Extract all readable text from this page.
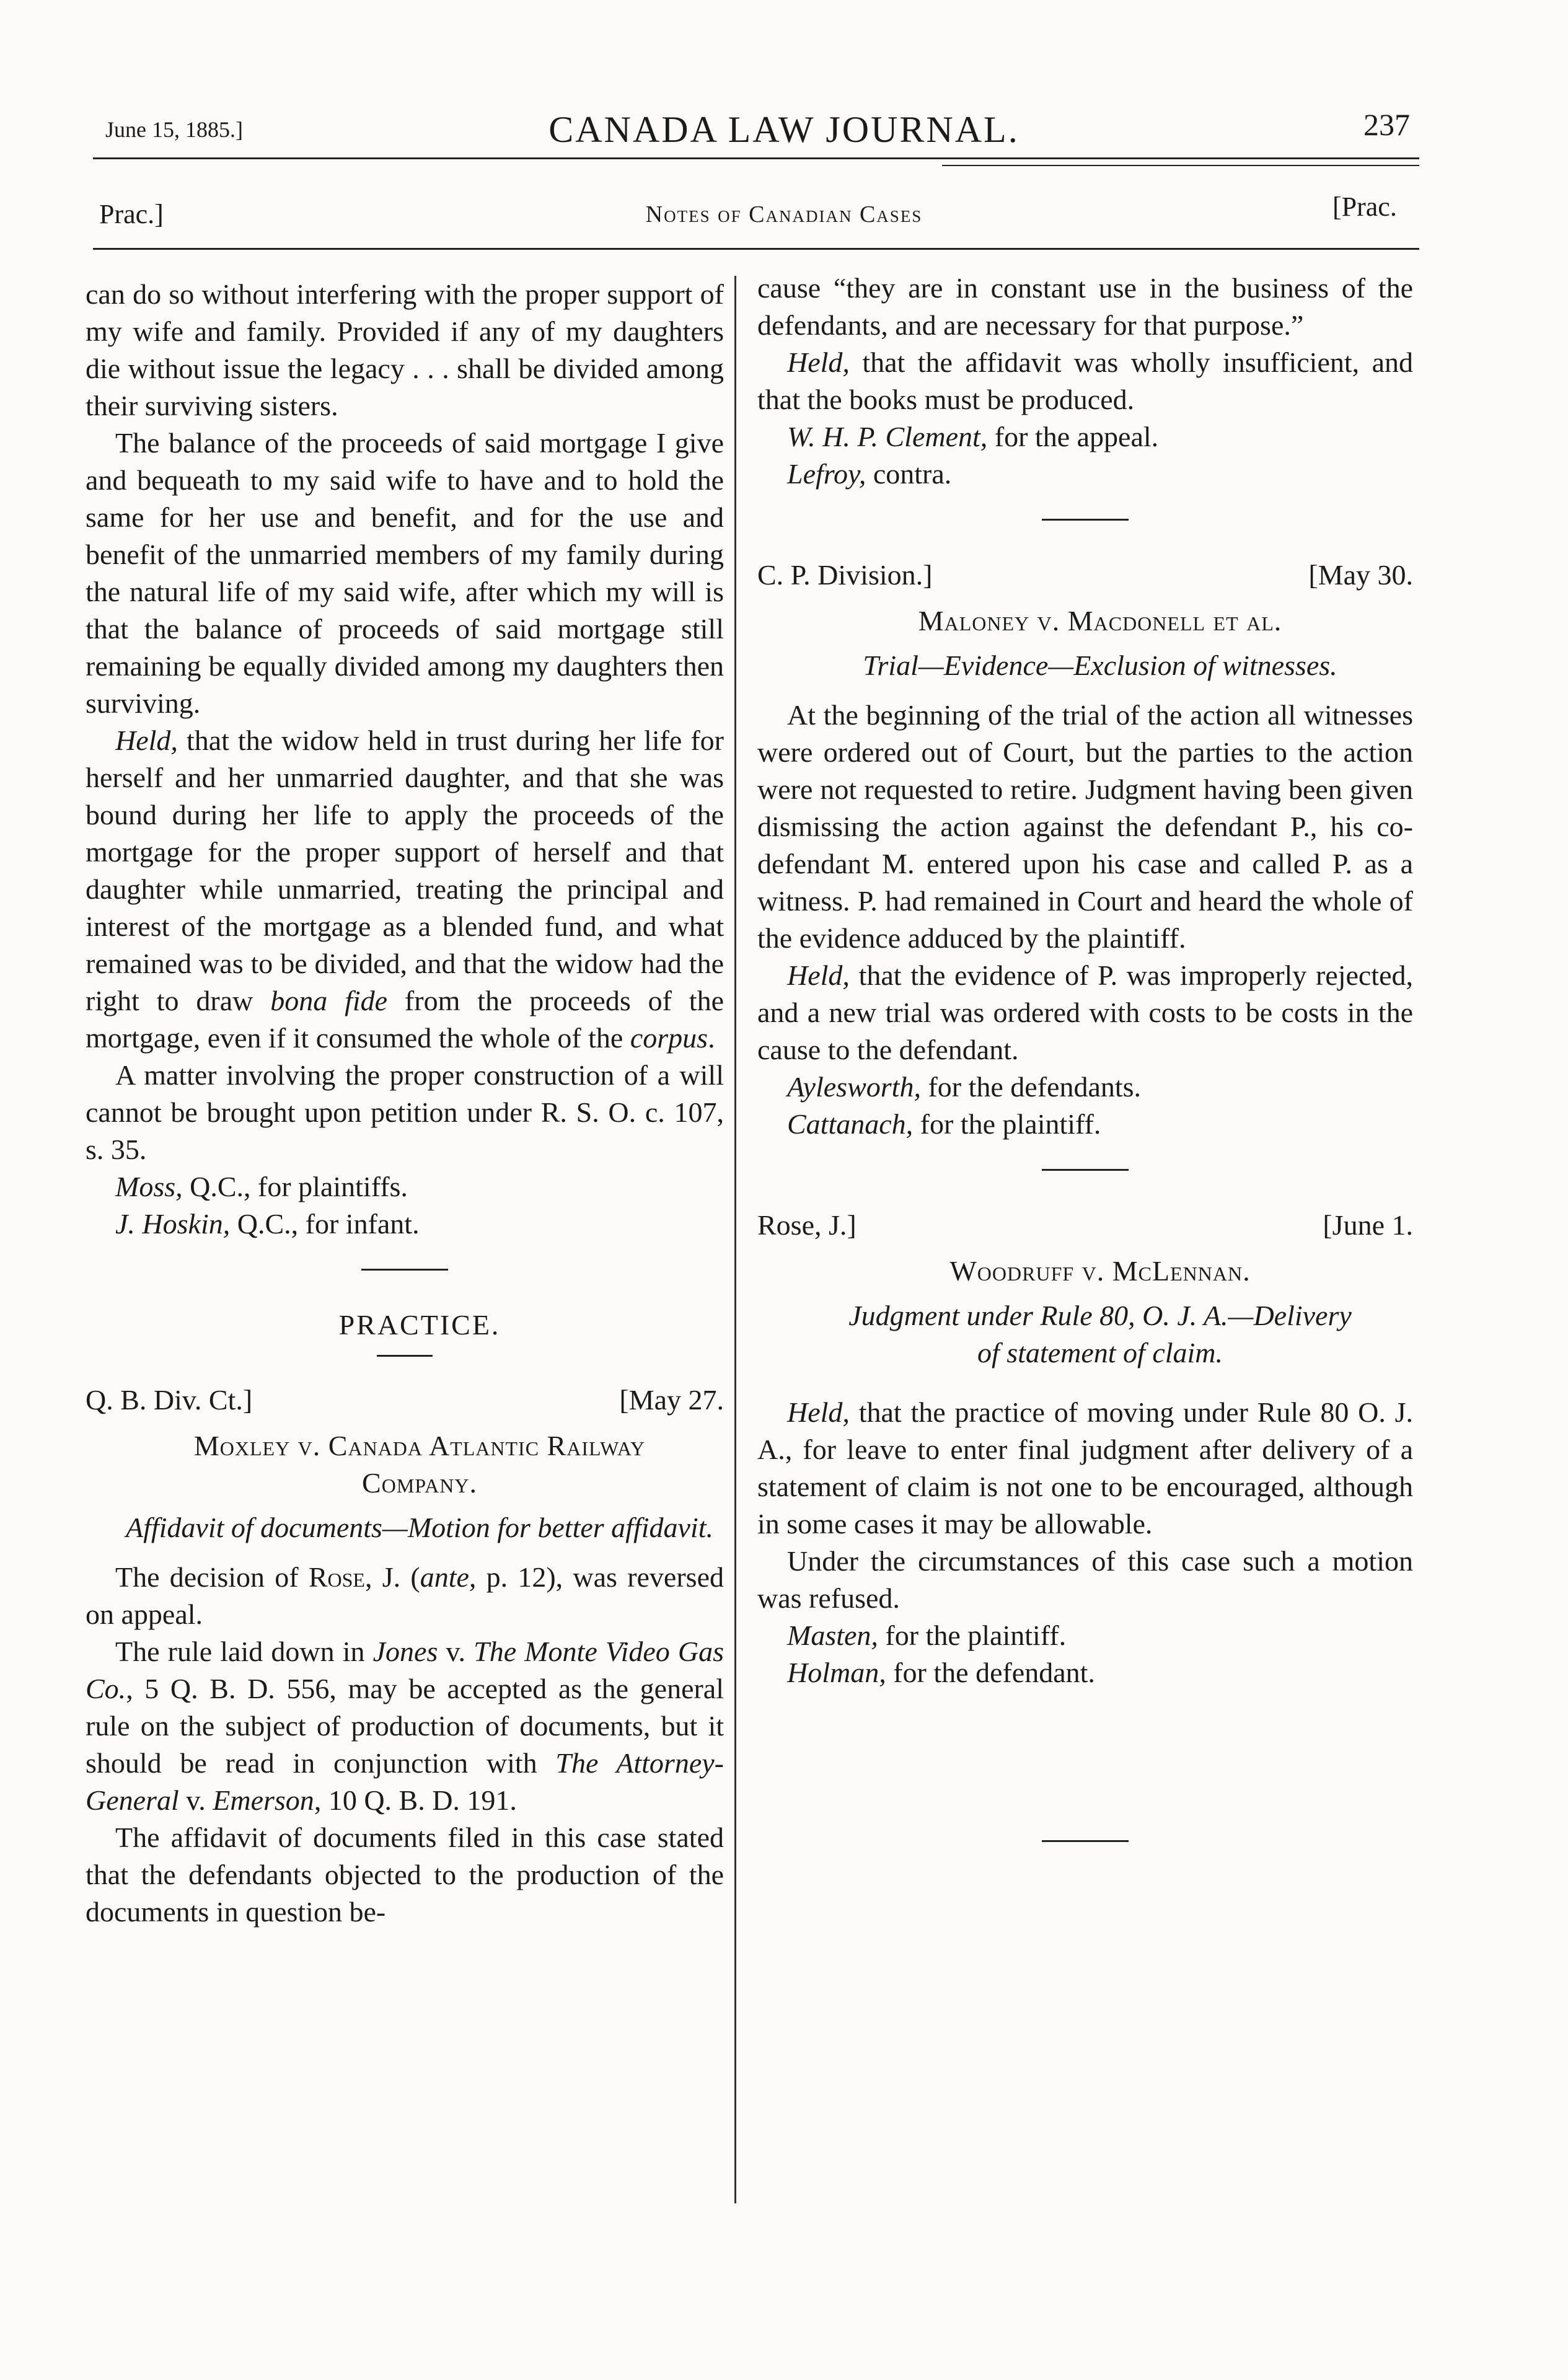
June 15, 1885.]	CANADA LAW JOURNAL.	237
Prac.]	Notes of Canadian Cases	[Prac.

can do so without interfering with the proper support of my wife and family. Provided if any of my daughters die without issue the legacy . . . shall be divided among their surviving sisters.

The balance of the proceeds of said mortgage I give and bequeath to my said wife to have and to hold the same for her use and benefit, and for the use and benefit of the unmarried members of my family during the natural life of my said wife, after which my will is that the balance of proceeds of said mortgage still remaining be equally divided among my daughters then surviving.

Held, that the widow held in trust during her life for herself and her unmarried daughter, and that she was bound during her life to apply the proceeds of the mortgage for the proper support of herself and that daughter while unmarried, treating the principal and interest of the mortgage as a blended fund, and what remained was to be divided, and that the widow had the right to draw bona fide from the proceeds of the mortgage, even if it consumed the whole of the corpus.

A matter involving the proper construction of a will cannot be brought upon petition under R. S. O. c. 107, s. 35.

Moss, Q.C., for plaintiffs.

J. Hoskin, Q.C., for infant.

PRACTICE.

Q. B. Div. Ct.]	[May 27.

Moxley v. Canada Atlantic Railway

Company.

Affidavit of documents—Motion for better affidavit.

The decision of Rose, J. (ante, p. 12), was reversed on appeal.

The rule laid down in Jones v. The Monte Video Gas Co., 5 Q. B. D. 556, may be accepted as the general rule on the subject of production of documents, but it should be read in conjunction with The Attorney-General v. Emerson, 10 Q. B. D. 191.

The affidavit of documents filed in this case stated that the defendants objected to the production of the documents in question be-

cause “they are in constant use in the business of the defendants, and are necessary for that purpose.”

Held, that the affidavit was wholly insufficient, and that the books must be produced.

W. H. P. Clement, for the appeal.

Lefroy, contra.

C. P. Division.]	[May 30.

Maloney v. Macdonell et al.

Trial—Evidence—Exclusion of witnesses.

At the beginning of the trial of the action all witnesses were ordered out of Court, but the parties to the action were not requested to retire. Judgment having been given dismissing the action against the defendant P., his co-defendant M. entered upon his case and called P. as a witness. P. had remained in Court and heard the whole of the evidence adduced by the plaintiff.

Held, that the evidence of P. was improperly rejected, and a new trial was ordered with costs to be costs in the cause to the defendant.

Aylesworth, for the defendants.

Cattanach, for the plaintiff.

Rose, J.]	[June 1.

Woodruff v. McLennan.

Judgment under Rule 80, O. J. A.—Delivery

of statement of claim.

Held, that the practice of moving under Rule 80 O. J. A., for leave to enter final judgment after delivery of a statement of claim is not one to be encouraged, although in some cases it may be allowable.

Under the circumstances of this case such a motion was refused.

Masten, for the plaintiff.

Holman, for the defendant.
